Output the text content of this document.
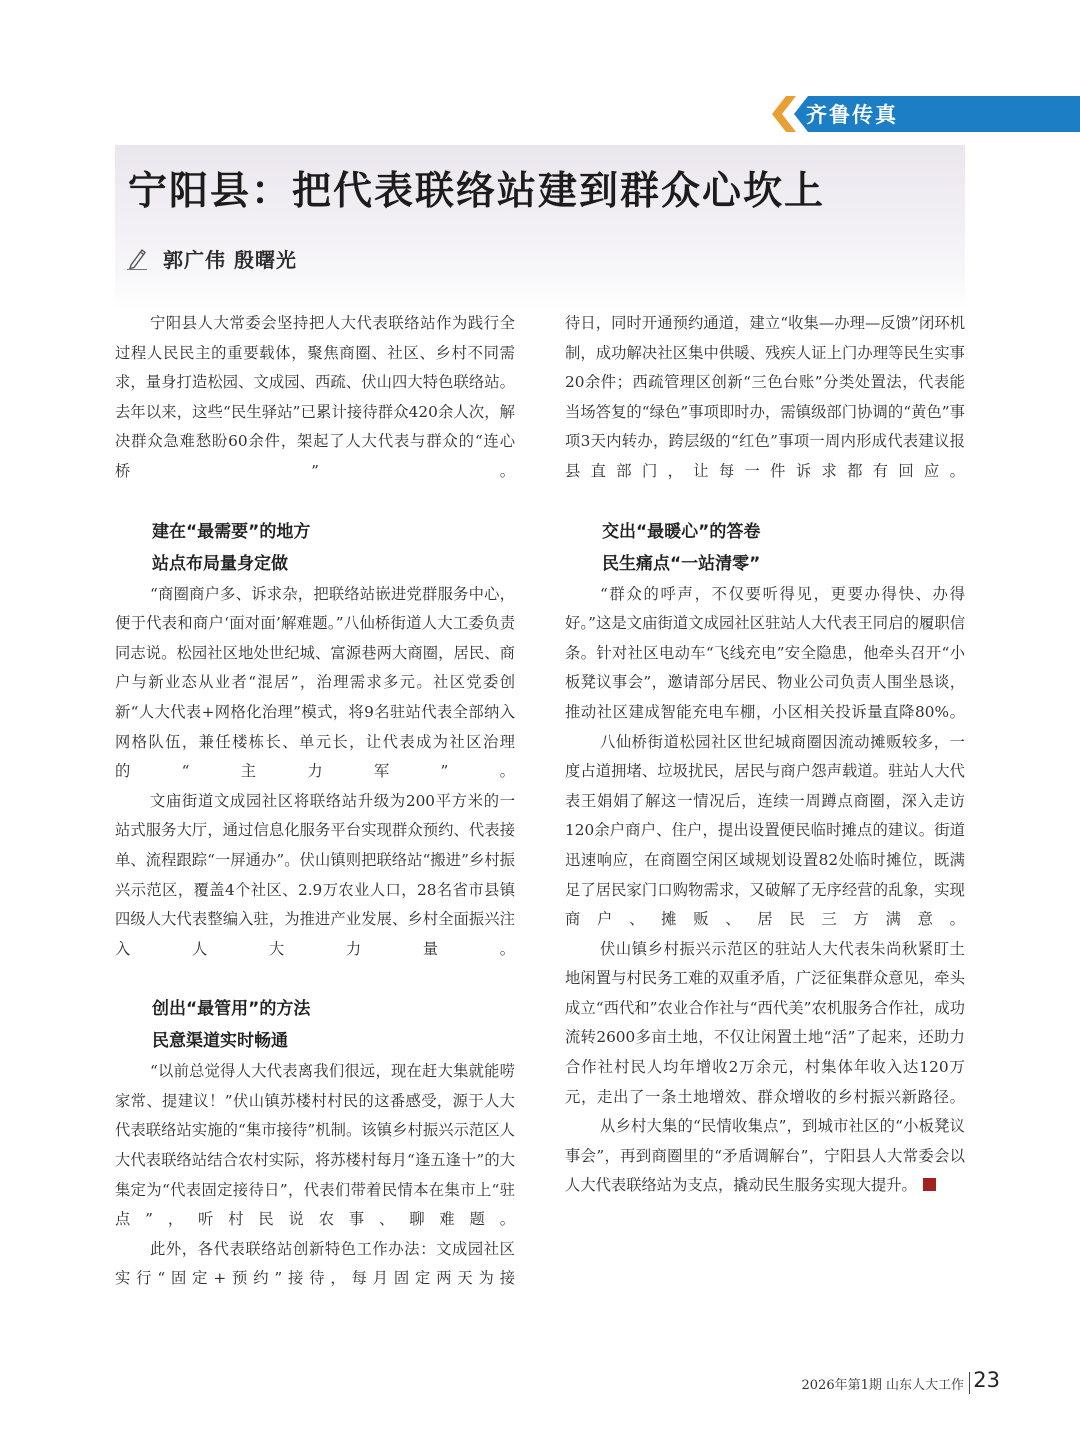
齐鲁传真
宁阳县：把代表联络站建到群众心坎上
郭广伟 殷曙光

宁阳县人大常委会坚持把人大代表联络站作为践行全过程人民民主的重要载体，聚焦商圈、社区、乡村不同需求，量身打造松园、文成园、西疏、伏山四大特色联络站。去年以来，这些“民生驿站”已累计接待群众420余人次，解决群众急难愁盼60余件，架起了人大代表与群众的“连心桥”。

建在“最需要”的地方
站点布局量身定做

“商圈商户多、诉求杂，把联络站嵌进党群服务中心，便于代表和商户‘面对面’解难题。”八仙桥街道人大工委负责同志说。松园社区地处世纪城、富源巷两大商圈，居民、商户与新业态从业者“混居”，治理需求多元。社区党委创新“人大代表+网格化治理”模式，将9名驻站代表全部纳入网格队伍，兼任楼栋长、单元长，让代表成为社区治理的“主力军”。

文庙街道文成园社区将联络站升级为200平方米的一站式服务大厅，通过信息化服务平台实现群众预约、代表接单、流程跟踪“一屏通办”。伏山镇则把联络站“搬进”乡村振兴示范区，覆盖4个社区、2.9万农业人口，28名省市县镇四级人大代表整编入驻，为推进产业发展、乡村全面振兴注入人大力量。

创出“最管用”的方法
民意渠道实时畅通

“以前总觉得人大代表离我们很远，现在赶大集就能唠家常、提建议！”伏山镇苏楼村村民的这番感受，源于人大代表联络站实施的“集市接待”机制。该镇乡村振兴示范区人大代表联络站结合农村实际，将苏楼村每月“逢五逢十”的大集定为“代表固定接待日”，代表们带着民情本在集市上“驻点”，听村民说农事、聊难题。

此外，各代表联络站创新特色工作办法：文成园社区实行“固定+预约”接待，每月固定两天为接

待日，同时开通预约通道，建立“收集—办理—反馈”闭环机制，成功解决社区集中供暖、残疾人证上门办理等民生实事20余件；西疏管理区创新“三色台账”分类处置法，代表能当场答复的“绿色”事项即时办，需镇级部门协调的“黄色”事项3天内转办，跨层级的“红色”事项一周内形成代表建议报县直部门，让每一件诉求都有回应。

交出“最暖心”的答卷
民生痛点“一站清零”

“群众的呼声，不仅要听得见，更要办得快、办得好。”这是文庙街道文成园社区驻站人大代表王同启的履职信条。针对社区电动车“飞线充电”安全隐患，他牵头召开“小板凳议事会”，邀请部分居民、物业公司负责人围坐恳谈，推动社区建成智能充电车棚，小区相关投诉量直降80%。

八仙桥街道松园社区世纪城商圈因流动摊贩较多，一度占道拥堵、垃圾扰民，居民与商户怨声载道。驻站人大代表王娟娟了解这一情况后，连续一周蹲点商圈，深入走访120余户商户、住户，提出设置便民临时摊点的建议。街道迅速响应，在商圈空闲区域规划设置82处临时摊位，既满足了居民家门口购物需求，又破解了无序经营的乱象，实现商户、摊贩、居民三方满意。

伏山镇乡村振兴示范区的驻站人大代表朱尚秋紧盯土地闲置与村民务工难的双重矛盾，广泛征集群众意见，牵头成立“西代和”农业合作社与“西代美”农机服务合作社，成功流转2600多亩土地，不仅让闲置土地“活”了起来，还助力合作社村民人均年增收2万余元，村集体年收入达120万元，走出了一条土地增效、群众增收的乡村振兴新路径。

从乡村大集的“民情收集点”，到城市社区的“小板凳议事会”，再到商圈里的“矛盾调解台”，宁阳县人大常委会以人大代表联络站为支点，撬动民生服务实现大提升。

2026年第1期 山东人大工作 23
